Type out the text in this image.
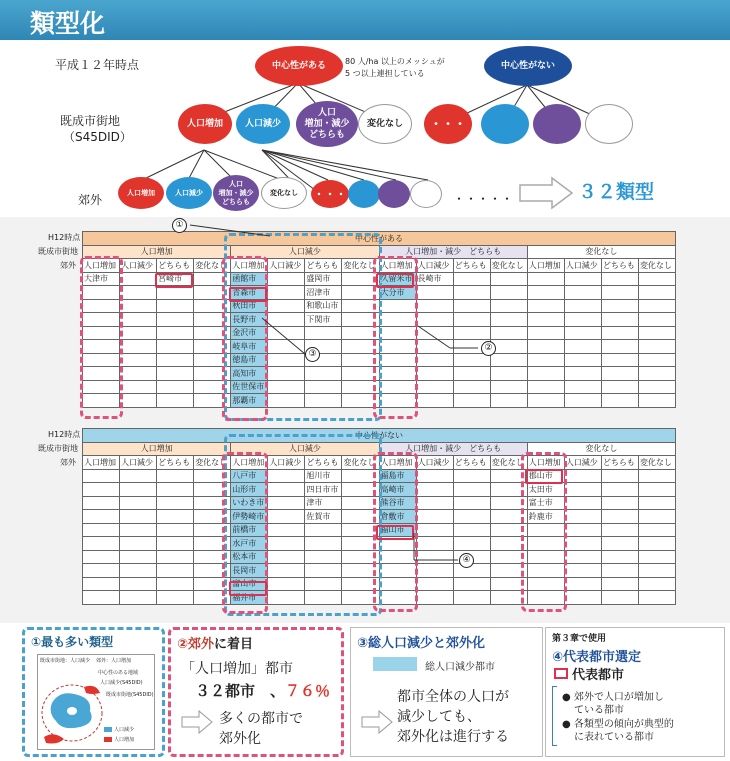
類型化
平成１２年時点
既成市街地
（S45DID）
郊外
中心性がある	80 人/ha 以上のメッシュが
5 つ以上連担している
中心性がない
人口増加	人口減少
人口
増加・減少
どちらも
変化なし	・・・
人口増加	人口減少
人口
増加・減少
どちらも
変化なし	・・・	・・・・・	３２類型
中心性がある															
人口増加				人口減少				人口増加・減少　どちらも				変化なし			
人口増加	人口減少	どちらも	変化なし	人口増加	人口減少	どちらも	変化なし	人口増加	人口減少	どちらも	変化なし	人口増加	人口減少	どちらも	変化なし
大津市		宮崎市		函館市		盛岡市		久留米市	長崎市						
				青森市		沼津市		大分市							
				秋田市		和歌山市									
				長野市		下関市									
				金沢市											
				岐阜市											
				徳島市											
				高知市											
				佐世保市											
				那覇市											
H12時点
既成市街地
郊外
中心性がない															
人口増加				人口減少				人口増加・減少　どちらも				変化なし			
人口増加	人口減少	どちらも	変化なし	人口増加	人口減少	どちらも	変化なし	人口増加	人口減少	どちらも	変化なし	人口増加	人口減少	どちらも	変化なし
				八戸市		旭川市		福島市				郡山市			
				山形市		四日市市		高崎市				太田市			
				いわき市		津市		熊谷市				富士市			
				伊勢崎市		佐賀市		倉敷市				鈴鹿市			
				前橋市				福山市							
				水戸市											
				松本市											
				長岡市											
				富山市											
				福井市											
H12時点
既成市街地
郊外
①
③
②
④
①最も多い類型
既成市街地：人口減少 郊外：人口増加
中心性のある地域
人口減少(S45DID)
既成市街地(S45DID)
人口減少
人口増加
②郊外に着目
「人口増加」都市
３２都市　 、７６％
多くの都市で
郊外化
③総人口減少と郊外化
総人口減少都市
都市全体の人口が
減少しても、
郊外化は進行する
第３章で使用
④代表都市選定
代表都市
● 郊外で人口が増加し
ている都市
● 各類型の傾向が典型的
に表れている都市
